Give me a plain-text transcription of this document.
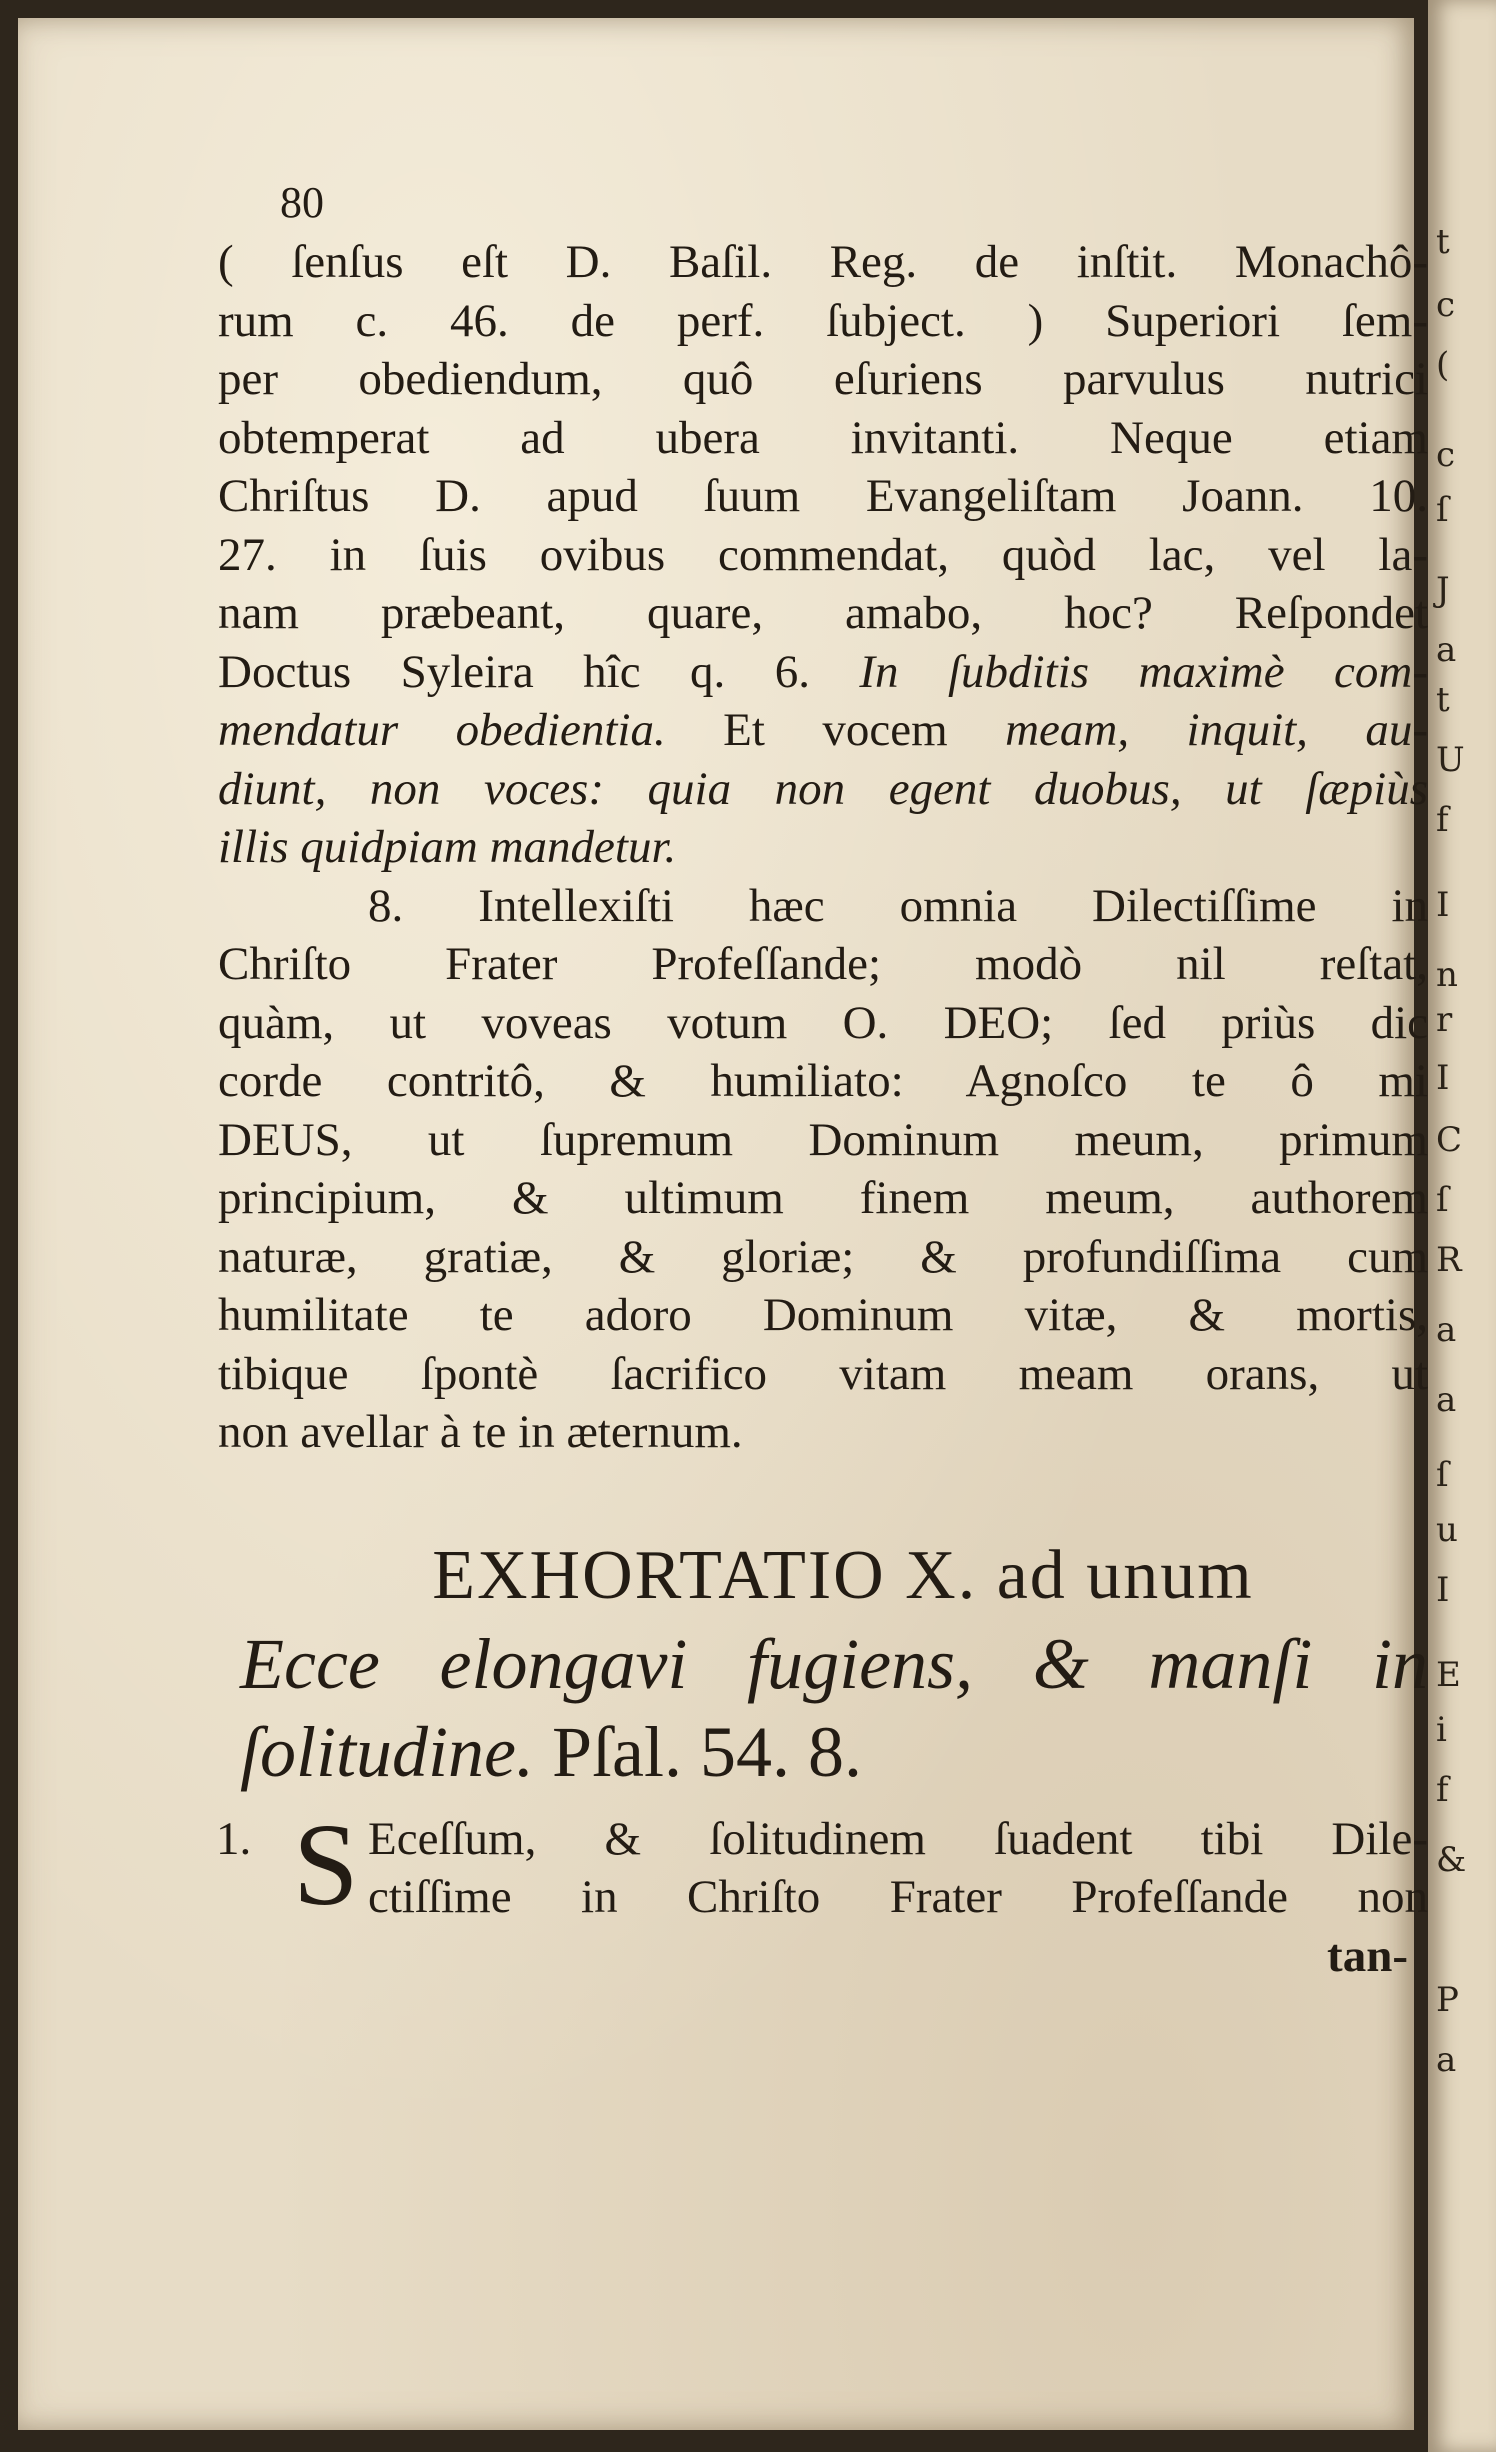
80
( ſenſus eſt D. Baſil. Reg. de inſtit. Monachô-
rum c. 46. de perf. ſubject. ) Superiori ſem-
per obediendum, quô eſuriens parvulus nutrici
obtemperat ad ubera invitanti. Neque etiam
Chriſtus D. apud ſuum Evangeliſtam Joann. 10.
27. in ſuis ovibus commendat, quòd lac, vel la-
nam præbeant, quare, amabo, hoc? Reſpondet
Doctus Syleira hîc q. 6. In ſubditis maximè com-
mendatur obedientia. Et vocem meam, inquit, au-
diunt, non voces: quia non egent duobus, ut ſæpiùs
illis quidpiam mandetur.
8. Intellexiſti hæc omnia Dilectiſſime in
Chriſto Frater Profeſſande; modò nil reſtat,
quàm, ut voveas votum O. DEO; ſed priùs dic
corde contritô, & humiliato: Agnoſco te ô mi
DEUS, ut ſupremum Dominum meum, primum
principium, & ultimum finem meum, authorem
naturæ, gratiæ, & gloriæ; & profundiſſima cum
humilitate te adoro Dominum vitæ, & mortis,
tibique ſpontè ſacrifico vitam meam orans, ut
non avellar à te in æternum.
EXHORTATIO X. ad unum
Ecce elongavi fugiens, & manſi in
ſolitudine. Pſal. 54. 8.
1. S Eceſſum, & ſolitudinem ſuadent tibi Dile-
ctiſſime in Chriſto Frater Profeſſande non
tan-
t
c
(
c
ſ
J
a
t
U
f
I
n
r
I
C
ſ
R
a
a
ſ
u
I
E
i
f
&
P
a
